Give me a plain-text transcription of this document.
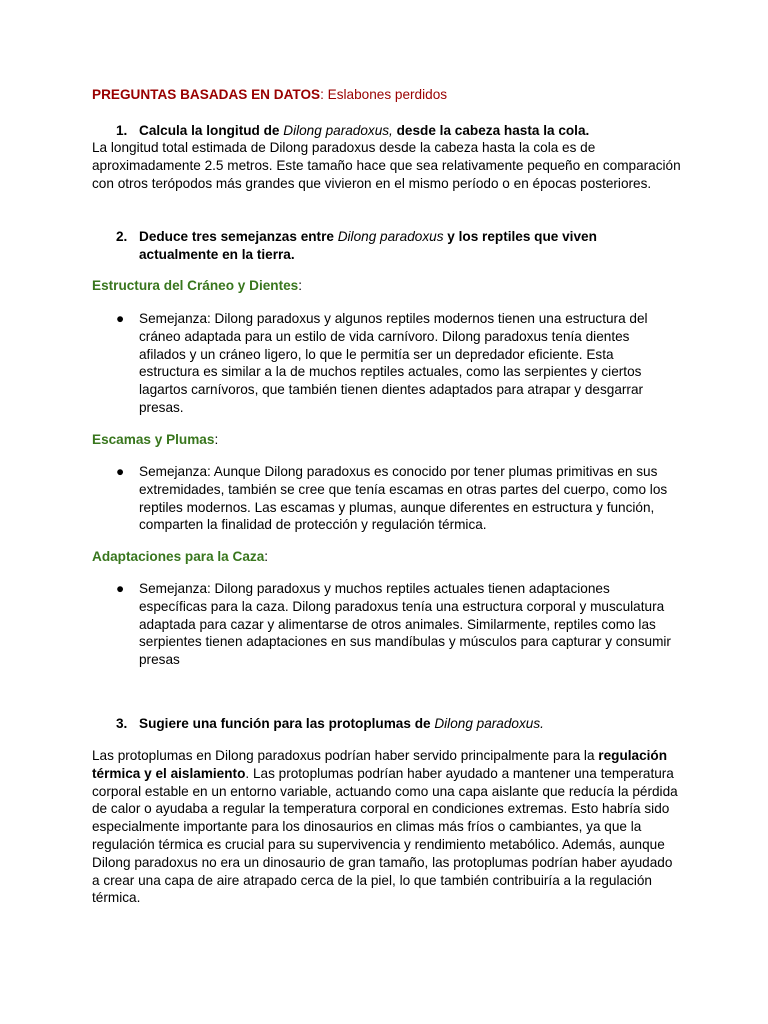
PREGUNTAS BASADAS EN DATOS: Eslabones perdidos

1. Calcula la longitud de Dilong paradoxus, desde la cabeza hasta la cola.

La longitud total estimada de Dilong paradoxus desde la cabeza hasta la cola es de aproximadamente 2.5 metros. Este tamaño hace que sea relativamente pequeño en comparación con otros terópodos más grandes que vivieron en el mismo período o en épocas posteriores.

2. Deduce tres semejanzas entre Dilong paradoxus y los reptiles que viven actualmente en la tierra.

Estructura del Cráneo y Dientes:

●	Semejanza: Dilong paradoxus y algunos reptiles modernos tienen una estructura del cráneo adaptada para un estilo de vida carnívoro. Dilong paradoxus tenía dientes afilados y un cráneo ligero, lo que le permitía ser un depredador eficiente. Esta estructura es similar a la de muchos reptiles actuales, como las serpientes y ciertos lagartos carnívoros, que también tienen dientes adaptados para atrapar y desgarrar presas.

Escamas y Plumas:

●	Semejanza: Aunque Dilong paradoxus es conocido por tener plumas primitivas en sus extremidades, también se cree que tenía escamas en otras partes del cuerpo, como los reptiles modernos. Las escamas y plumas, aunque diferentes en estructura y función, comparten la finalidad de protección y regulación térmica.

Adaptaciones para la Caza:

●	Semejanza: Dilong paradoxus y muchos reptiles actuales tienen adaptaciones específicas para la caza. Dilong paradoxus tenía una estructura corporal y musculatura adaptada para cazar y alimentarse de otros animales. Similarmente, reptiles como las serpientes tienen adaptaciones en sus mandíbulas y músculos para capturar y consumir presas

3. Sugiere una función para las protoplumas de Dilong paradoxus.

Las protoplumas en Dilong paradoxus podrían haber servido principalmente para la regulación térmica y el aislamiento. Las protoplumas podrían haber ayudado a mantener una temperatura corporal estable en un entorno variable, actuando como una capa aislante que reducía la pérdida de calor o ayudaba a regular la temperatura corporal en condiciones extremas. Esto habría sido especialmente importante para los dinosaurios en climas más fríos o cambiantes, ya que la regulación térmica es crucial para su supervivencia y rendimiento metabólico. Además, aunque Dilong paradoxus no era un dinosaurio de gran tamaño, las protoplumas podrían haber ayudado a crear una capa de aire atrapado cerca de la piel, lo que también contribuiría a la regulación térmica.
